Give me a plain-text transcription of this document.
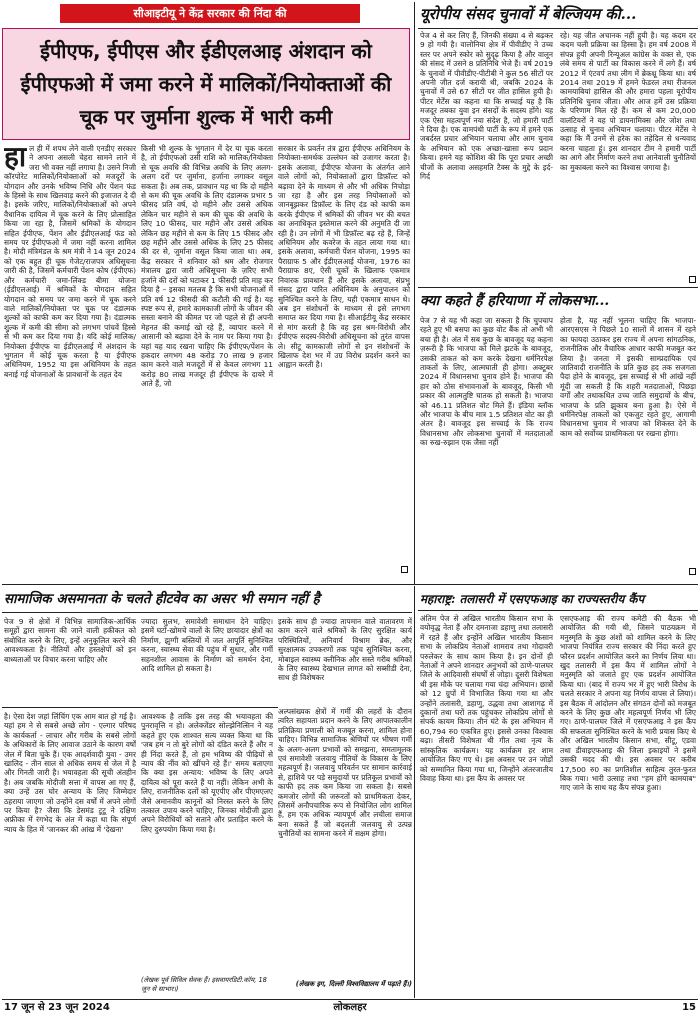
सीआइटीयू ने केंद्र सरकार की निंदा की
ईपीएफ, ईपीएस और ईडीएलआइ अंशदान को ईपीएफओ में जमा करने में मालिकों/नियोक्ताओं की चूक पर जुर्माना शुल्क में भारी कमी
हा ल ही में शपथ लेने वाली एनडीए सरकार ने अपना असली चेहरा सामने लाने में जरा भी वक्त नहीं लगाया है। उसने निजी कॉरपोरेट मालिकों/नियोक्ताओं को मजदूरों के योगदान और उनके भविष्य निधि और पेंशन फंड के हिस्से के साथ खिलवाड़ करने की इजाजत दे दी है। इसके जरिए, मालिकों/नियोक्ताओं को अपने वैधानिक दायित्व में चूक करने के लिए प्रोत्साहित किया जा रहा है, जिसमें श्रमिकों के योगदान सहित ईपीएफ, पेंशन और ईडीएलआई फंड को समय पर ईपीएफओ में जमा नहीं करना शामिल है। मोदी मंत्रिमंडल के श्रम मंत्री ने 14 जून 2024 को एक बहुत ही चूक गेजेट/राजपत्र अधिसूचना जारी की है, जिसमें कर्मचारी पेंशन कोष (ईपीएफ) और कर्मचारी जमा-लिंक्ड बीमा योजना (ईडीएलआई) में श्रमिकों के योगदान सहित योगदान को समय पर जमा करने में चूक करने वाले मालिकों/नियोक्ता पर चूक पर दंडात्मक शुल्कों को काफी कम कर दिया गया है। दंडात्मक शुल्क में कमी की सीमा को लगभग पांचवें हिस्से से भी कम कर दिया गया है। यदि कोई मालिक/नियोक्ता ईपीएफ या ईडीएलआई में अंशदान के भुगतान में कोई चूक करता है या ईपीएफ अधिनियम, 1952 या इस अधिनियम के तहत बनाई गई योजनाओं के प्रावधानों के तहत देय
किसी भी शुल्क के भुगतान में देर या चूक करता है, तो ईपीएफओ उसी राशि को मालिक/नियोक्ता से चूक अवधि की विभिन्न अवधि के लिए अलग-अलग दरों पर जुर्माना, हर्जाना लगाकर वसूल सकता है। अब तक, प्रावधान यह था कि दो महीने से कम की चूक अवधि के लिए दंडात्मक प्रभार 5 फीसद प्रति वर्ष, दो महीने और उससे अधिक लेकिन चार महीने से कम की चूक की अवधि के लिए 10 फीसद, चार महीने और उससे अधिक लेकिन छह महीने से कम के लिए 15 फीसद और छह महीने और उससे अधिक के लिए 25 फीसद की दर से, जुर्माना वसूल किया जाता था। अब, केंद्र सरकार ने शनिवार को श्रम और रोजगार मंत्रालय द्वारा जारी अधिसूचना के ज़रिए सभी हर्जाने की दरों को घटाकर 1 फीसदी प्रति माह कर दिया है – इसका मतलब है कि सभी योजनाओं में प्रति वर्ष 12 फीसदी की कटौती की गई है। यह स्पष्ट रूप से, हमारे कामकाजी लोगों के जीवन की सस्ता बनाने की कीमत पर जो पहले से ही अपनी मेहनत की कमाई खो रहे हैं, व्यापार करने में आसानी को बढ़ावा देने के नाम पर किया गया है। यहां यह याद रखना चाहिए कि ईपीएफ/पेंशन के हकदार लगभग 48 करोड़ 70 लाख 9 हजार काम करने वाले मजदूरों में से केवल लगभग 11 करोड़ 80 लाख मजदूर ही ईपीएफ के दायरे में आते हैं, जो
सरकार के प्रवर्तन तंत्र द्वारा ईपीएफ अधिनियम के नियोक्ता-समर्थक उल्लंघन को उजागर करता है। इसके अलावा, ईपीएफ योजना के अंतर्गत आने वाले लोगों को, नियोक्ताओं द्वारा डिफ़ॉल्ट को बढ़ावा देने के माध्यम से और भी अधिक निचोड़ा जा रहा है और इस तरह नियोक्ताओं को जानबूझकर डिफ़ॉल्ट के लिए दंड को काफी कम करके ईपीएफ में श्रमिकों की जीवन भर की बचत का अनाधिकृत इस्तेमाल करने की अनुमति दी जा रही है। उन लोगों में भी डिफ़ॉल्ट बढ़ रहे हैं, जिन्हें अधिनियम और कवरेज के तहत लाया गया था। इसके अलावा, कर्मचारी पेंशन योजना, 1995 का पैराग्राफ 5 और ईडीएलआई योजना, 1976 का पैराग्राफ 8ए, ऐसी चूकों के खिलाफ एकमात्र निवारक प्रावधान हैं और इसके अलावा, संप्रभु संसद द्वारा पारित अधिनियम के अनुपालन को सुनिश्चित करने के लिए, यही एकमात्र साधन थे। अब इन संशोधनों के माध्यम से इसे लगभग समाप्त कर दिया गया है। सीआईटीयू केंद्र सरकार से मांग करती है कि वह इस श्रम-विरोधी और ईपीएफ सदस्य-विरोधी अधिसूचना को तुरंत वापस ले। सीटू कामकाजी लोगों से इन संशोधनों के खिलाफ देश भर में उग्र विरोध प्रदर्शन करने का आह्वान करती है।
यूरोपीय संसद चुनावों में बेल्जियम की...
पेज 4 से कर लिए हैं, जिनकी संख्या 4 से बढ़कर 9 हो गयी है। वालोनिया क्षेत्र में पीवीडीए ने उच्च स्तर पर अपने स्कोर को सुदृढ़ किया है और वालून की संसद में उसने 8 प्रतिनिधि भेजे हैं। वर्ष 2019 के चुनावों में पीवीडीए-पीटीबी ने कुल 56 सीटों पर अपनी जीत दर्ज करायी थी, जबकि 2024 के चुनावों में उसे 67 सीटों पर जीत हासिल हुयी है। पीटर मेर्टेंस का कहना था कि सच्चाई यह है कि मजदूर तबका युवा इन संसदों के सदस्य होंगे। यह एक ऐसा महत्वपूर्ण नया संदेश है, जो हमारी पार्टी ने दिया है। एक वामपंथी पार्टी के रूप में हमने एक जबर्दस्त प्रचार अभियान चलाया और आम चुनाव के अभियान को एक अच्छा-खासा रूप प्रदान किया। हमने यह कोशिश की कि पूरा प्रचार अच्छी चीजों के अलावा असहमति टैक्स के मुद्दे के इर्द-गिर्द
रहे। यह जीत अचानक नहीं हुयी है। यह कदम दर कदम चली प्रक्रिया का हिस्सा है। हम वर्ष 2008 में संपन्न हुयी अपनी रिन्यूअल कांग्रेस के वक्त से, एक लंबे समय से पार्टी का विकास करने में लगे हैं। वर्ष 2012 में एंटवर्प तथा लीग में ब्रेकथ्रू किया था। वर्ष 2014 तथा 2019 में हमने फेडरल तथा रीजनल कामयाबियां हासिल की और हमारा पहला यूरोपीय प्रतिनिधि चुनाव जीता। और आज हमें उस प्रक्रिया के परिणाम मिल रहे हैं। कम से कम 20,000 वालंटियरों ने यह पो डायनामिक्स और जोश तथा उत्साह से चुनाव अभियान चलाया। पीटर मेर्टेंस ने कहा कि मैं उनमें से हरेक का तहेदिल से धन्यवाद करना चाहता हूं। इस शानदार टीम ने हमारी पार्टी का आगे और निर्माण करने तथा आनेवाली चुनौतियों का मुकाबला करने का विश्वास जगाया है।
क्या कहते हैं हरियाणा में लोकसभा...
पेज 7 से यह भी कहा जा सकता है कि चुपचाप रहते हुए भी बसपा का कुछ वोट बैंक तो अभी भी बचा ही है। अंत में सब कुछ के बावजूद यह कहना ज़रूरी है कि भाजपा को मिले झटके के बावजूद, उसकी ताकत को कम करके देखना धर्मनिरपेक्ष ताकतों के लिए, आत्मघाती ही होगा। अक्टूबर 2024 में विधानसभा चुनाव होने हैं। भाजपा की हार को ठोस संभावनाओं के बावजूद, किसी भी प्रकार की आत्मतुष्टि घातक हो सकती है। भाजपा को 46.11 प्रतिशत वोट मिले हैं। इंडिया ब्लॉक और भाजपा के बीच मात्र 1.5 प्रतिशत वोट का ही अंतर है। बावजूद इस सच्चाई के कि राज्य विधानसभा और लोकसभा चुनावों में मतदाताओं का रुख-रुझान एक जैसा नहीं
होता है, यह नहीं भूलना चाहिए कि भाजपा-आरएसएस ने पिछले 10 सालों में शासन में रहने का फायदा उठाकर इस राज्य में अपना सांगठनिक, राजनीतिक और वैचारिक आधार काफी मजबूत कर लिया है। जनता में इसकी साम्प्रदायिक एवं जातिवादी राजनीति के प्रति कुछ हद तक सजगता पैदा होने के बावजूद, इस सच्चाई से भी आंखें नहीं मूंदी जा सकती है कि शहरी मतदाताओं, पिछड़ा वर्गों और तथाकथित उच्च जाति समुदायों के बीच, भाजपा के प्रति झुकाव बना हुआ है। ऐसे में धर्मनिरपेक्ष ताकतों को एकजुट रहते हुए, आगामी विधानसभा चुनाव में भाजपा को शिकस्त देने के काम को सर्वोच्च प्राथमिकता पर रखना होगा।
सामाजिक असमानता के चलते हीटवेव का असर भी समान नहीं है
पेज 9 से क्षेत्रों में विभिन्न सामाजिक-आर्थिक समूहों द्वारा सामना की जाने वाली हकीकत को संबोधित करने के लिए, इन्हें अनुकूलित करने की आवश्यकता है। नीतियों और हस्तक्षेपों को इन बाध्यताओं पर विचार करना चाहिए और
ज्यादा सुलभ, समावेशी समाधान देने चाहिए। इसमें घटों-खोमचे वालों के लिए छायादार क्षेत्रों का निर्माण, झुग्गी बस्तियों में जल आपूर्ति सुनिश्चित करना, स्वास्थ्य सेवा की पहुंच में सुधार, और गर्मी सहनशील आवास के निर्माण को समर्थन देना, आदि शामिल हो सकता है।
इसके साथ ही ज्यादा तापमान वाले वातावरण में काम करने वाले श्रमिकों के लिए सुरक्षित कार्य परिस्थितियों, अनिवार्य विश्राम ब्रेक, और सुरक्षात्मक उपकरणों तक पहुंच सुनिश्चित करना, मोबाइल स्वास्थ्य क्लीनिक और सस्ते गरीब श्रमिकों के लिए स्वास्थ्य देखभाल लागत को सब्सीडी देना, साथ ही विशेषकर
है। ऐसा देश जहां लिंचिंग एक आम बात हो गई है। यहां हम ने से सबसे अच्छे लोग - एल्गार परिषद के कार्यकर्ता - लाचार और गरीब के सबसे लोगों के अधिकारों के लिए आवाज उठाने के कारण वर्षों जेल में बिता चुके हैं। एक आदर्शवादी युवा - उमर खालिद - तीन साल से अधिक समय से जेल में है और गिनती जारी है। भयावहता की सूची अंतहीन है। अब जबकि मोदीजी सत्ता में वापस आ गए हैं, क्या उन्हें उस घोर अन्याय के लिए जिम्मेदार ठहराया जाएगा जो उन्होंने दस वर्षों में अपने लोगों पर किया है? जैसा कि डेसमंड टूटू ने दक्षिण अफ्रीका में रंगभेद के अंत में कहा था कि संपूर्ण न्याय के हित में 'जानकर की आंख में 'देखना'
आवश्यक है ताकि इस तरह की भयावहता की पुनरावृत्ति न हो। अलेक्जेंडर सोल्झेनित्सिन ने यह कहते हुए एक शाश्वत सत्य व्यक्त किया था कि 'जब हम न तो बुरे लोगों को दंडित करते हैं और न ही निंदा करते हैं, तो हम भविष्य की पीढ़ियों से न्याय की नींव को खींचने रहे हैं।' समय बताएगा कि क्या इस अन्याय: भविष्य के लिए अपने दायित्व को पूरा करते हैं या नहीं। लेकिन अभी के लिए, राजनीतिक दलों को यूएपीए और पीएमएलए जैसे अमानवीय कानूनों को निरस्त करने के लिए तत्काल उपाय करने चाहिए, जिनका मोदीजी द्वारा अपने विरोधियों को सताने और प्रताड़ित करने के लिए दुरुपयोग किया गया है।
(लेखक पूर्व सिविल सेवक हैं। इसवायरडिटी.कॉम, 18 जून से साभार।)
अल्पसंख्यक क्षेत्रों में गर्मी की लहरों के दौरान त्वरित सहायता प्रदान करने के लिए आपातकालीन प्रतिक्रिया प्रणाली को मजबूत करना, शामिल होना चाहिए। विभिन्न सामाजिक श्रेणियों पर भीषण गर्मी के अलग-अलग प्रभावों को समझना, समतामूलक एवं समावेशी जलवायु नीतियों के विकास के लिए महत्वपूर्ण है। जलवायु परिवर्तन पर सामान कार्रवाई से, हाशिये पर पड़े समुदायों पर प्रतिकूल प्रभावों को काफी हद तक कम किया जा सकता है। सबसे कमजोर लोगों की जरूरतों को प्राथमिकता देकर, जिसमें अनौपचारिक रूप से नियोजित लोग शामिल हैं, हम एक अधिक न्यायपूर्ण और लचीला समाज बना सकते हैं जो बदलती जलवायु से उत्पन्न चुनौतियों का सामना करने में सक्षम होगा।
(लेखक इग, दिल्ली विश्वविद्यालय में पढ़ाते हैं।)
महाराष्ट्र: तलासरी में एसएफआइ का राज्यस्तरीय कैंप
अंतिम पेज से अखिल भारतीय किसान सभा के वयोवृद्ध नेता हैं और दमनाजा डहाणु तथा तलासरी में रहते हैं और इन्होंने अखिल भारतीय किसान सभा के लोकप्रिय नेताओं शामराव तथा गोदावरी परुलेकर के साथ काम किया है। इन दोनों ही नेताओं ने अपने शानदार अनुभवों को ठाणे-पालघर जिले के आदिवासी संघर्षों से जोड़ा। दूसरी विशेषता थी इस मौके पर चलाया गया चंदा अभियान। छात्रों को 12 ग्रुपों में विभाजित किया गया था और उन्होंने तलासरी, डहाणु, उद्धवा तथा आशागढ़ में दुकानों तथा घरों तक पहुंचकर लोकप्रिय लोगों से संपर्क कायम किया। तीन घंटे के इस अभियान में 60,794 रु0 एकत्रित हुए। इससे उनका विश्वास बढ़ा। तीसरी विशेषता थी गीत तथा नृत्य के सांस्कृतिक कार्यक्रम। यह कार्यक्रम हर शाम आयोजित किए गए थे। इस अवसर पर उन जोड़ों को सम्मानित किया गया था, जिन्होंने अंतरजातीय विवाह किया था। इस कैंप के अवसर पर
एसएफआइ की राज्य कमेटी की बैठक भी आयोजित की गयी थी, जिसने पाठयक्रम में मनुस्मृति के कुछ अंशों को शामिल करने के लिए भाजपा नियंत्रित राज्य सरकार की निंदा करते हुए फौरन प्रदर्शन आयोजित करने का निर्णय लिया था। खुद तलासरी में इस कैंप में शामिल लोगों ने मनुस्मृति को जलाते हुए एक प्रदर्शन आयोजित किया था। (बाद में राज्य भर में हुए भारी विरोध के चलते सरकार ने अपना यह निर्णय वापस ले लिया)। इस बैठक में आंदोलन और संगठन दोनों को मजबूत करने के लिए कुछ और महत्वपूर्ण निर्णय भी लिए गए। ठाणे-पालघर जिले में एसएफआइ ने इस कैंप की सफलता सुनिश्चित करने के भारी प्रयास किए थे और अखिल भारतीय किसान सभा, सीटू, एडवा तथा डीवाइएफआइ की जिला इकाइयों ने इसमें उसकी मदद की थी। इस अवसर पर करीब 17,500 रु0 का प्रगतिशील साहित्य तुरत-फुरत बिक गया। भारी उत्साह तथा "हम होंगे कामयाब" गाए जाने के साथ यह कैंप संपन्न हुआ।
17 जून से 23 जून 2024	लोकलहर	15
